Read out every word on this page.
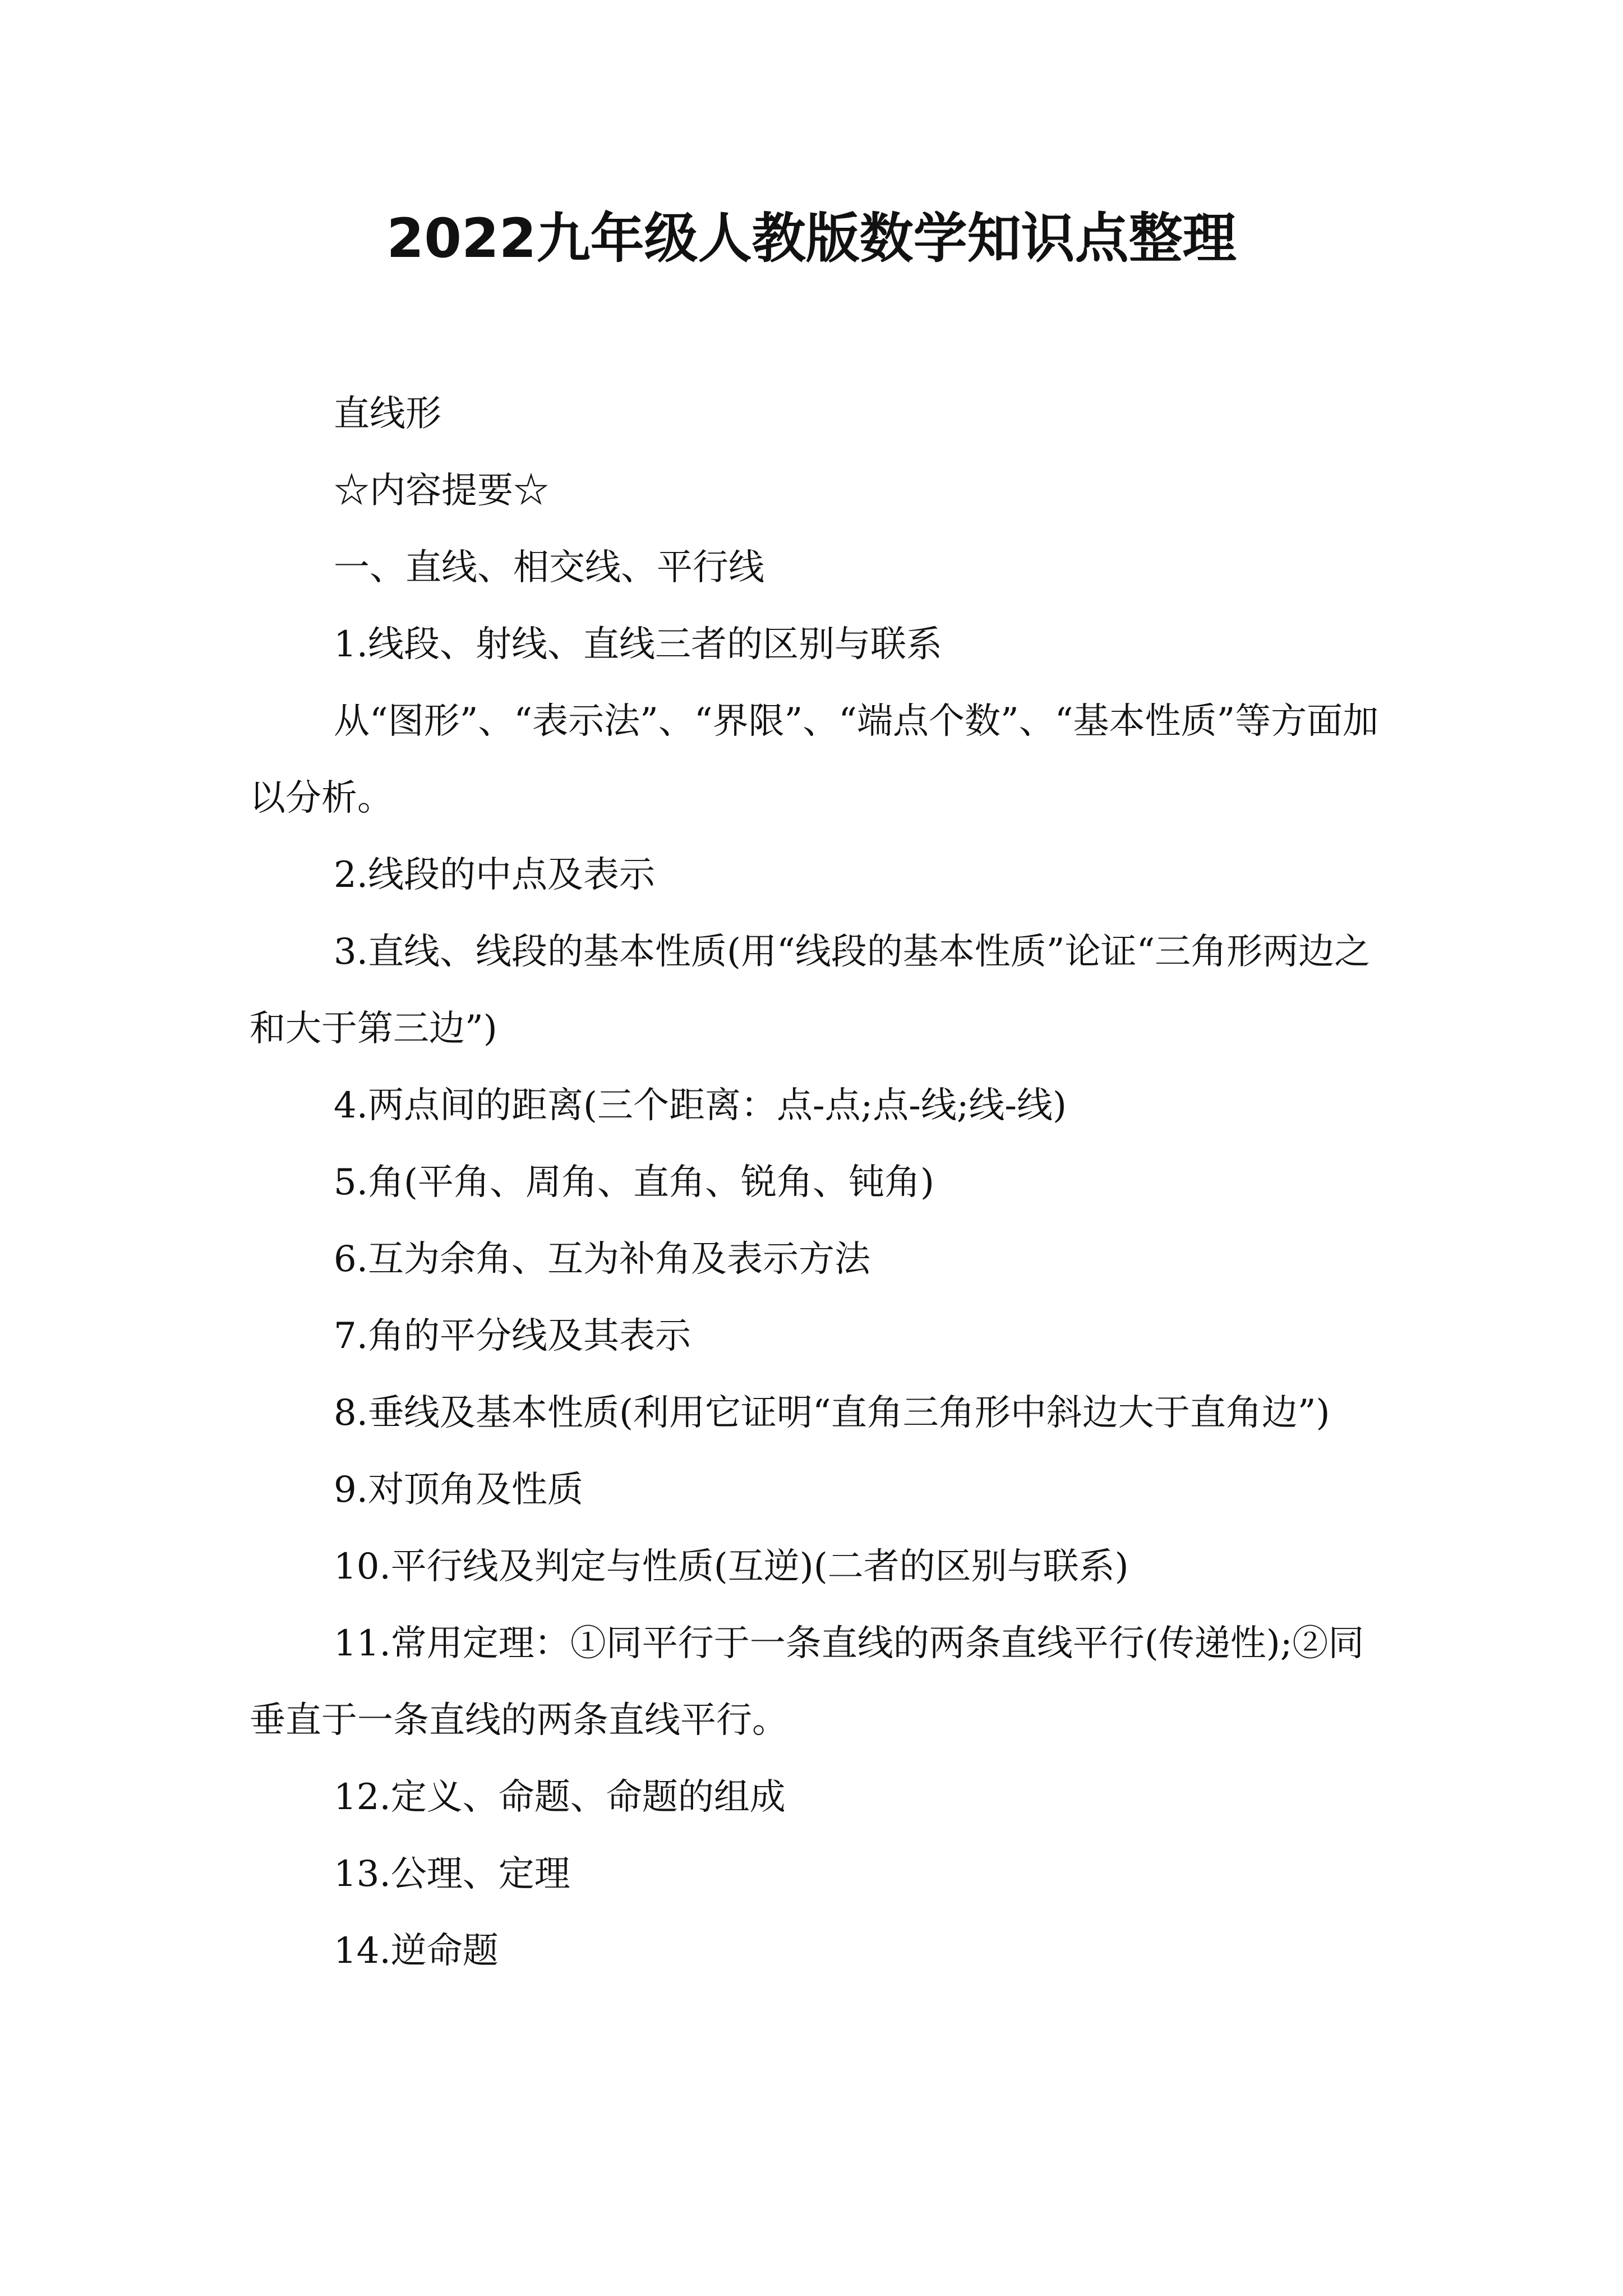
2022九年级人教版数学知识点整理

直线形

☆内容提要☆

一、直线、相交线、平行线

1.线段、射线、直线三者的区别与联系

从“图形”、“表示法”、“界限”、“端点个数”、“基本性质”等方面加以分析。

2.线段的中点及表示

3.直线、线段的基本性质(用“线段的基本性质”论证“三角形两边之和大于第三边”)

4.两点间的距离(三个距离：点-点;点-线;线-线)

5.角(平角、周角、直角、锐角、钝角)

6.互为余角、互为补角及表示方法

7.角的平分线及其表示

8.垂线及基本性质(利用它证明“直角三角形中斜边大于直角边”)

9.对顶角及性质

10.平行线及判定与性质(互逆)(二者的区别与联系)

11.常用定理：①同平行于一条直线的两条直线平行(传递性);②同垂直于一条直线的两条直线平行。

12.定义、命题、命题的组成

13.公理、定理

14.逆命题
